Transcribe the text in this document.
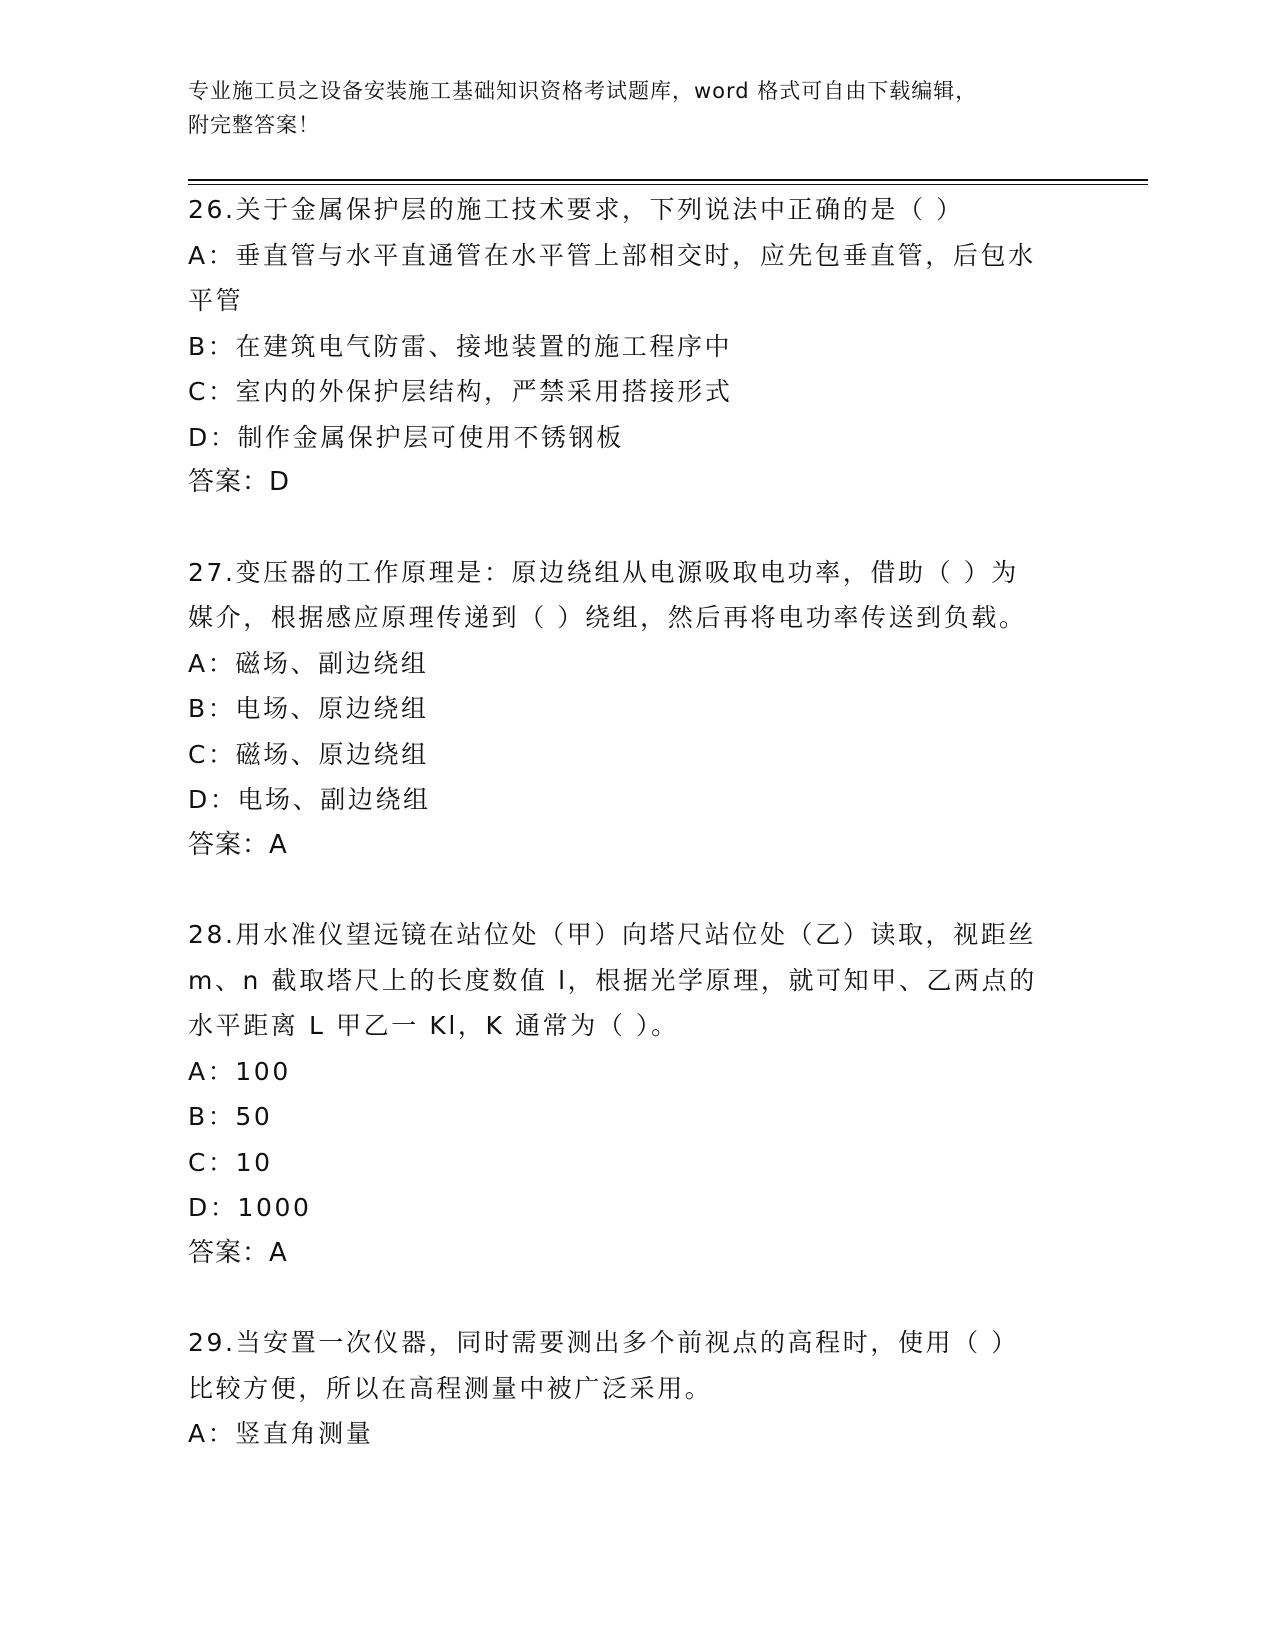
专业施工员之设备安装施工基础知识资格考试题库，word 格式可自由下载编辑，
附完整答案！
26.关于金属保护层的施工技术要求，下列说法中正确的是（ ）
A：垂直管与水平直通管在水平管上部相交时，应先包垂直管，后包水
平管
B：在建筑电气防雷、接地装置的施工程序中
C：室内的外保护层结构，严禁采用搭接形式
D：制作金属保护层可使用不锈钢板
答案：D
27.变压器的工作原理是：原边绕组从电源吸取电功率，借助（ ）为
媒介，根据感应原理传递到（ ）绕组，然后再将电功率传送到负载。
A：磁场、副边绕组
B：电场、原边绕组
C：磁场、原边绕组
D：电场、副边绕组
答案：A
28.用水准仪望远镜在站位处（甲）向塔尺站位处（乙）读取，视距丝
m、n 截取塔尺上的长度数值 l，根据光学原理，就可知甲、乙两点的
水平距离 L 甲乙一 Kl，K 通常为（ ）。
A：100
B：50
C：10
D：1000
答案：A
29.当安置一次仪器，同时需要测出多个前视点的高程时，使用（ ）
比较方便，所以在高程测量中被广泛采用。
A：竖直角测量
